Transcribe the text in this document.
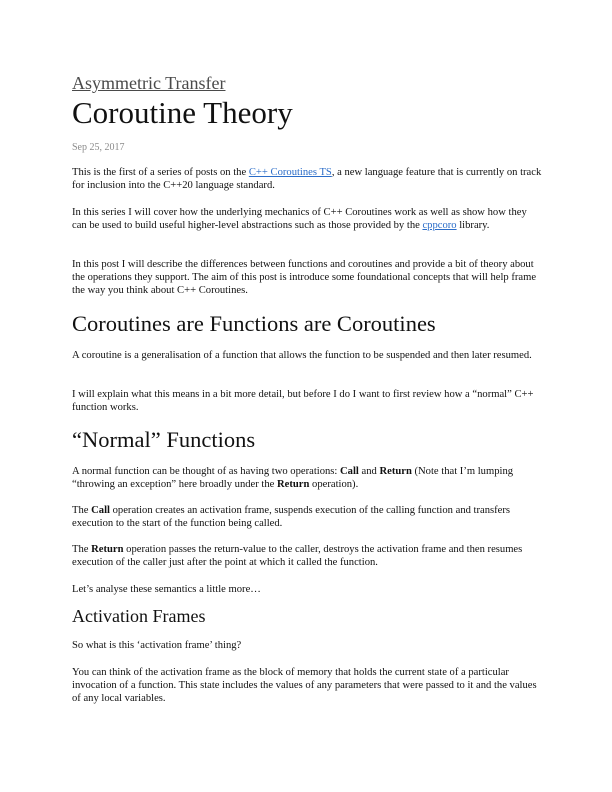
Asymmetric Transfer
Coroutine Theory
Sep 25, 2017

This is the first of a series of posts on the C++ Coroutines TS, a new language feature that is currently on track for inclusion into the C++20 language standard.

In this series I will cover how the underlying mechanics of C++ Coroutines work as well as show how they can be used to build useful higher-level abstractions such as those provided by the cppcoro library.

In this post I will describe the differences between functions and coroutines and provide a bit of theory about the operations they support. The aim of this post is introduce some foundational concepts that will help frame the way you think about C++ Coroutines.

Coroutines are Functions are Coroutines

A coroutine is a generalisation of a function that allows the function to be suspended and then later resumed.

I will explain what this means in a bit more detail, but before I do I want to first review how a “normal” C++ function works.

“Normal” Functions

A normal function can be thought of as having two operations: Call and Return (Note that I’m lumping “throwing an exception” here broadly under the Return operation).

The Call operation creates an activation frame, suspends execution of the calling function and transfers execution to the start of the function being called.

The Return operation passes the return-value to the caller, destroys the activation frame and then resumes execution of the caller just after the point at which it called the function.

Let’s analyse these semantics a little more…

Activation Frames

So what is this ‘activation frame’ thing?

You can think of the activation frame as the block of memory that holds the current state of a particular invocation of a function. This state includes the values of any parameters that were passed to it and the values of any local variables.
